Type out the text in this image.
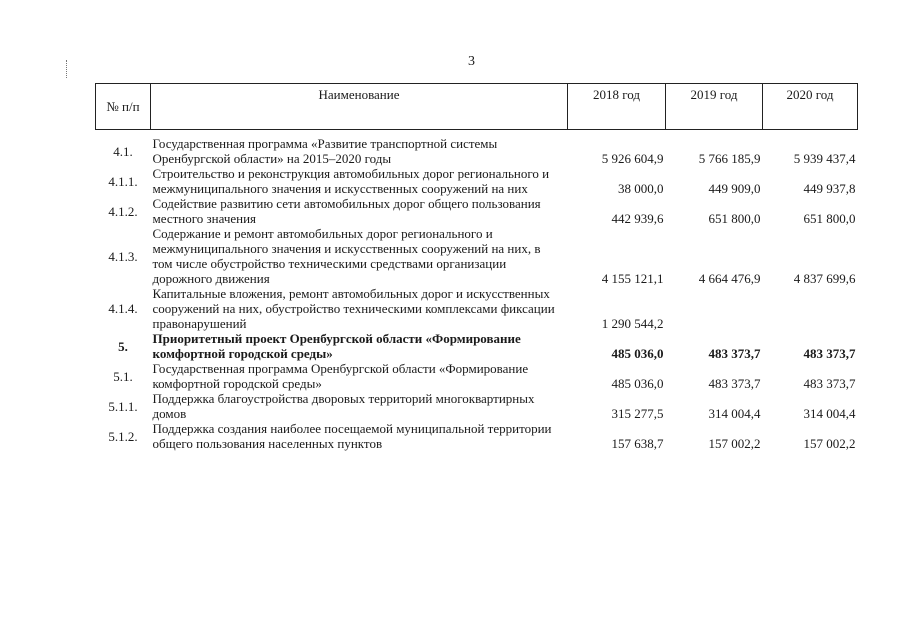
3
№ п/п	Наименование	2018 год	2019 год	2020 год

4.1.	Государственная программа «Развитие транспортной системы Оренбургской области» на 2015–2020 годы	5 926 604,9	5 766 185,9	5 939 437,4
4.1.1.	Строительство и реконструкция автомобильных дорог регионального и межмуниципального значения и искусственных сооружений на них	38 000,0	449 909,0	449 937,8
4.1.2.	Содействие развитию сети автомобильных дорог общего пользования местного значения	442 939,6	651 800,0	651 800,0
4.1.3.	Содержание и ремонт автомобильных дорог регионального и межмуниципального значения и искусственных сооружений на них, в том числе обустройство техническими средствами организации дорожного движения	4 155 121,1	4 664 476,9	4 837 699,6
4.1.4.	Капитальные вложения, ремонт автомобильных дорог и искусственных сооружений на них, обустройство техническими комплексами фиксации правонарушений	1 290 544,2		
5.	Приоритетный проект Оренбургской области «Формирование комфортной городской среды»	485 036,0	483 373,7	483 373,7
5.1.	Государственная программа Оренбургской области «Формирование комфортной городской среды»	485 036,0	483 373,7	483 373,7
5.1.1.	Поддержка благоустройства дворовых территорий многоквартирных домов	315 277,5	314 004,4	314 004,4
5.1.2.	Поддержка создания наиболее посещаемой муниципальной территории общего пользования населенных пунктов	157 638,7	157 002,2	157 002,2
